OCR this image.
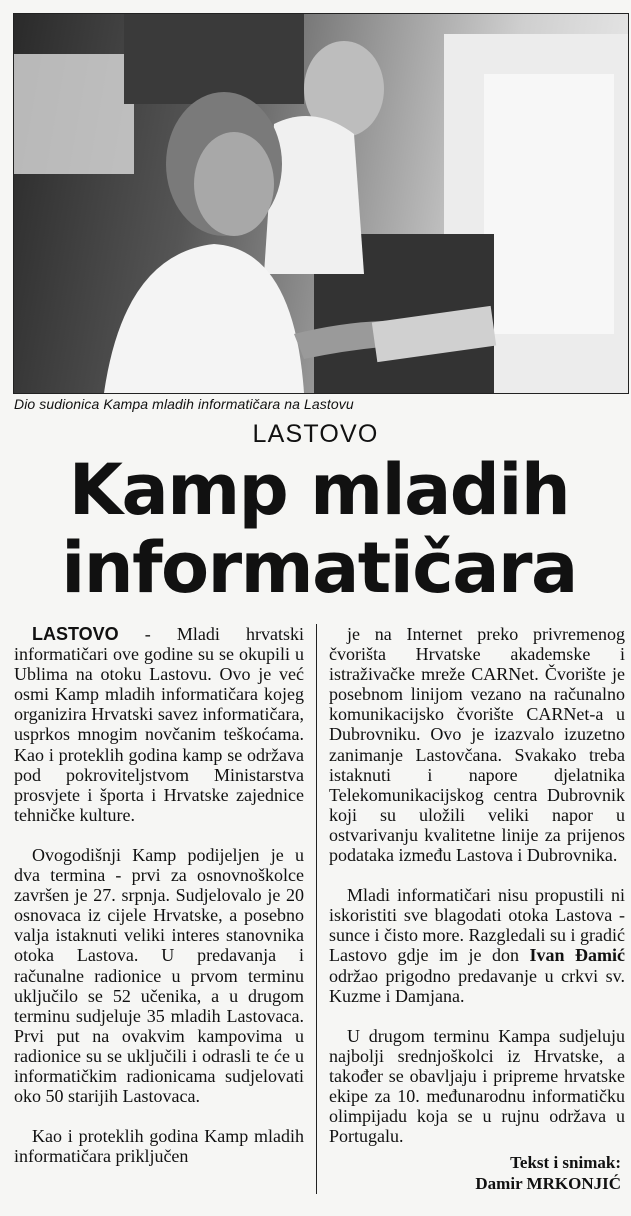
Dio sudionica Kampa mladih informatičara na Lastovu
LASTOVO
Kamp mladih
informatičara

LASTOVO - Mladi hrvatski informatičari ove godine su se okupili u Ublima na otoku Lastovu. Ovo je već osmi Kamp mladih informatičara kojeg organizira Hrvatski savez informatičara, usprkos mnogim novčanim teškoćama. Kao i proteklih godina kamp se održava pod pokroviteljstvom Ministarstva prosvjete i športa i Hrvatske zajednice tehničke kulture.

Ovogodišnji Kamp podijeljen je u dva termina - prvi za osnovnoškolce završen je 27. srpnja. Sudjelovalo je 20 osnovaca iz cijele Hrvatske, a posebno valja istaknuti veliki interes stanovnika otoka Lastova. U predavanja i računalne radionice u prvom terminu uključilo se 52 učenika, a u drugom terminu sudjeluje 35 mladih Lastovaca. Prvi put na ovakvim kampovima u radionice su se uključili i odrasli te će u informatičkim radionicama sudjelovati oko 50 starijih Lastovaca.

Kao i proteklih godina Kamp mladih informatičara priključen

je na Internet preko privremenog čvorišta Hrvatske akademske i istraživačke mreže CARNet. Čvorište je posebnom linijom vezano na računalno komunikacijsko čvorište CARNet-a u Dubrovniku. Ovo je izazvalo izuzetno zanimanje Lastovčana. Svakako treba istaknuti i napore djelatnika Telekomunikacijskog centra Dubrovnik koji su uložili veliki napor u ostvarivanju kvalitetne linije za prijenos podataka između Lastova i Dubrovnika.

Mladi informatičari nisu propustili ni iskoristiti sve blagodati otoka Lastova - sunce i čisto more. Razgledali su i gradić Lastovo gdje im je don Ivan Đamić održao prigodno predavanje u crkvi sv. Kuzme i Damjana.

U drugom terminu Kampa sudjeluju najbolji srednjoškolci iz Hrvatske, a također se obavljaju i pripreme hrvatske ekipe za 10. međunarodnu informatičku olimpijadu koja se u rujnu održava u Portugalu.

Tekst i snimak:
Damir MRKONJIĆ
